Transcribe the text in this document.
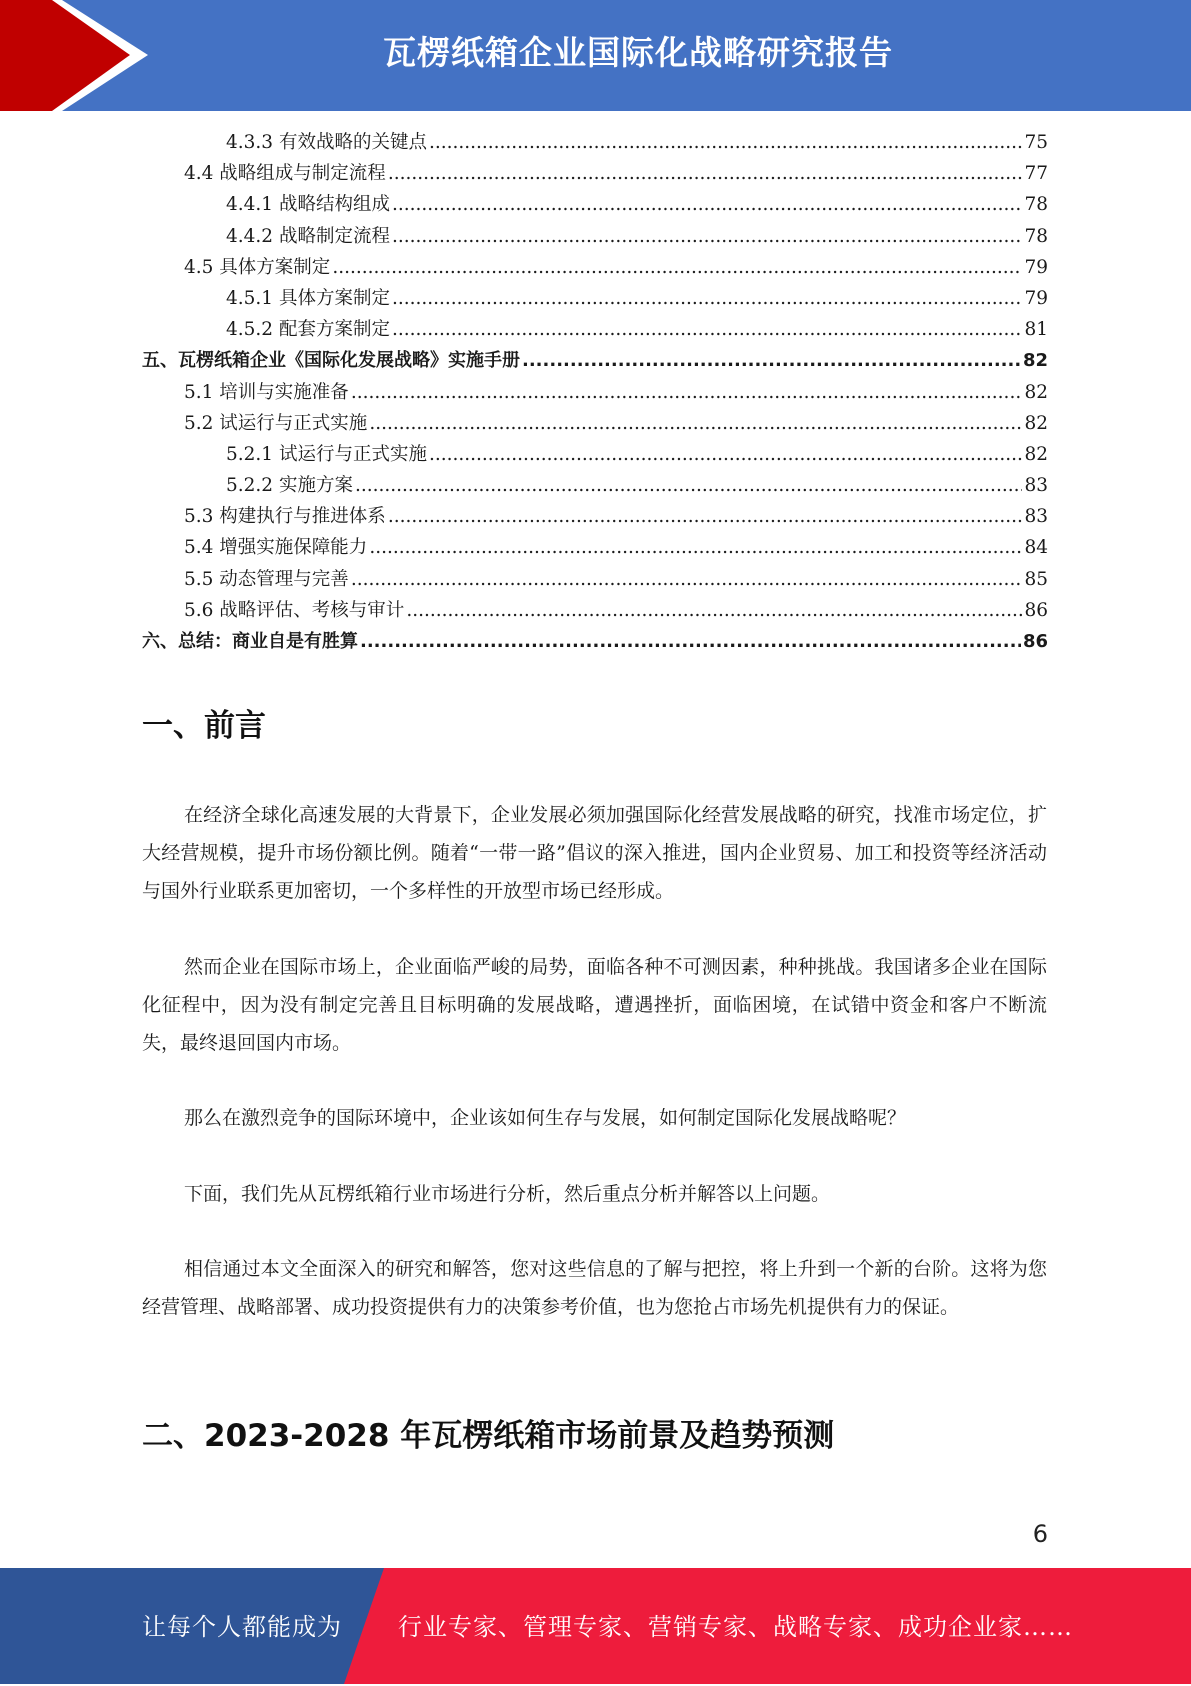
瓦楞纸箱企业国际化战略研究报告
4.3.3 有效战略的关键点 .....	75
4.4 战略组成与制定流程 .....	77
4.4.1 战略结构组成 .....	78
4.4.2 战略制定流程 .....	78
4.5 具体方案制定 .....	79
4.5.1 具体方案制定 .....	79
4.5.2 配套方案制定 .....	81
五、瓦楞纸箱企业《国际化发展战略》实施手册 .....	82
5.1 培训与实施准备 .....	82
5.2 试运行与正式实施 .....	82
5.2.1 试运行与正式实施 .....	82
5.2.2 实施方案 .....	83
5.3 构建执行与推进体系 .....	83
5.4 增强实施保障能力 .....	84
5.5 动态管理与完善 .....	85
5.6 战略评估、考核与审计 .....	86
六、总结：商业自是有胜算 .....	86
一、前言
在经济全球化高速发展的大背景下，企业发展必须加强国际化经营发展战略的研究，找准市场定位，扩大经营规模，提升市场份额比例。随着“一带一路”倡议的深入推进，国内企业贸易、加工和投资等经济活动与国外行业联系更加密切，一个多样性的开放型市场已经形成。
然而企业在国际市场上，企业面临严峻的局势，面临各种不可测因素，种种挑战。我国诸多企业在国际化征程中，因为没有制定完善且目标明确的发展战略，遭遇挫折，面临困境，在试错中资金和客户不断流失，最终退回国内市场。
那么在激烈竞争的国际环境中，企业该如何生存与发展，如何制定国际化发展战略呢？
下面，我们先从瓦楞纸箱行业市场进行分析，然后重点分析并解答以上问题。
相信通过本文全面深入的研究和解答，您对这些信息的了解与把控，将上升到一个新的台阶。这将为您经营管理、战略部署、成功投资提供有力的决策参考价值，也为您抢占市场先机提供有力的保证。
二、2023-2028 年瓦楞纸箱市场前景及趋势预测
6
让每个人都能成为 行业专家、管理专家、营销专家、战略专家、成功企业家……
